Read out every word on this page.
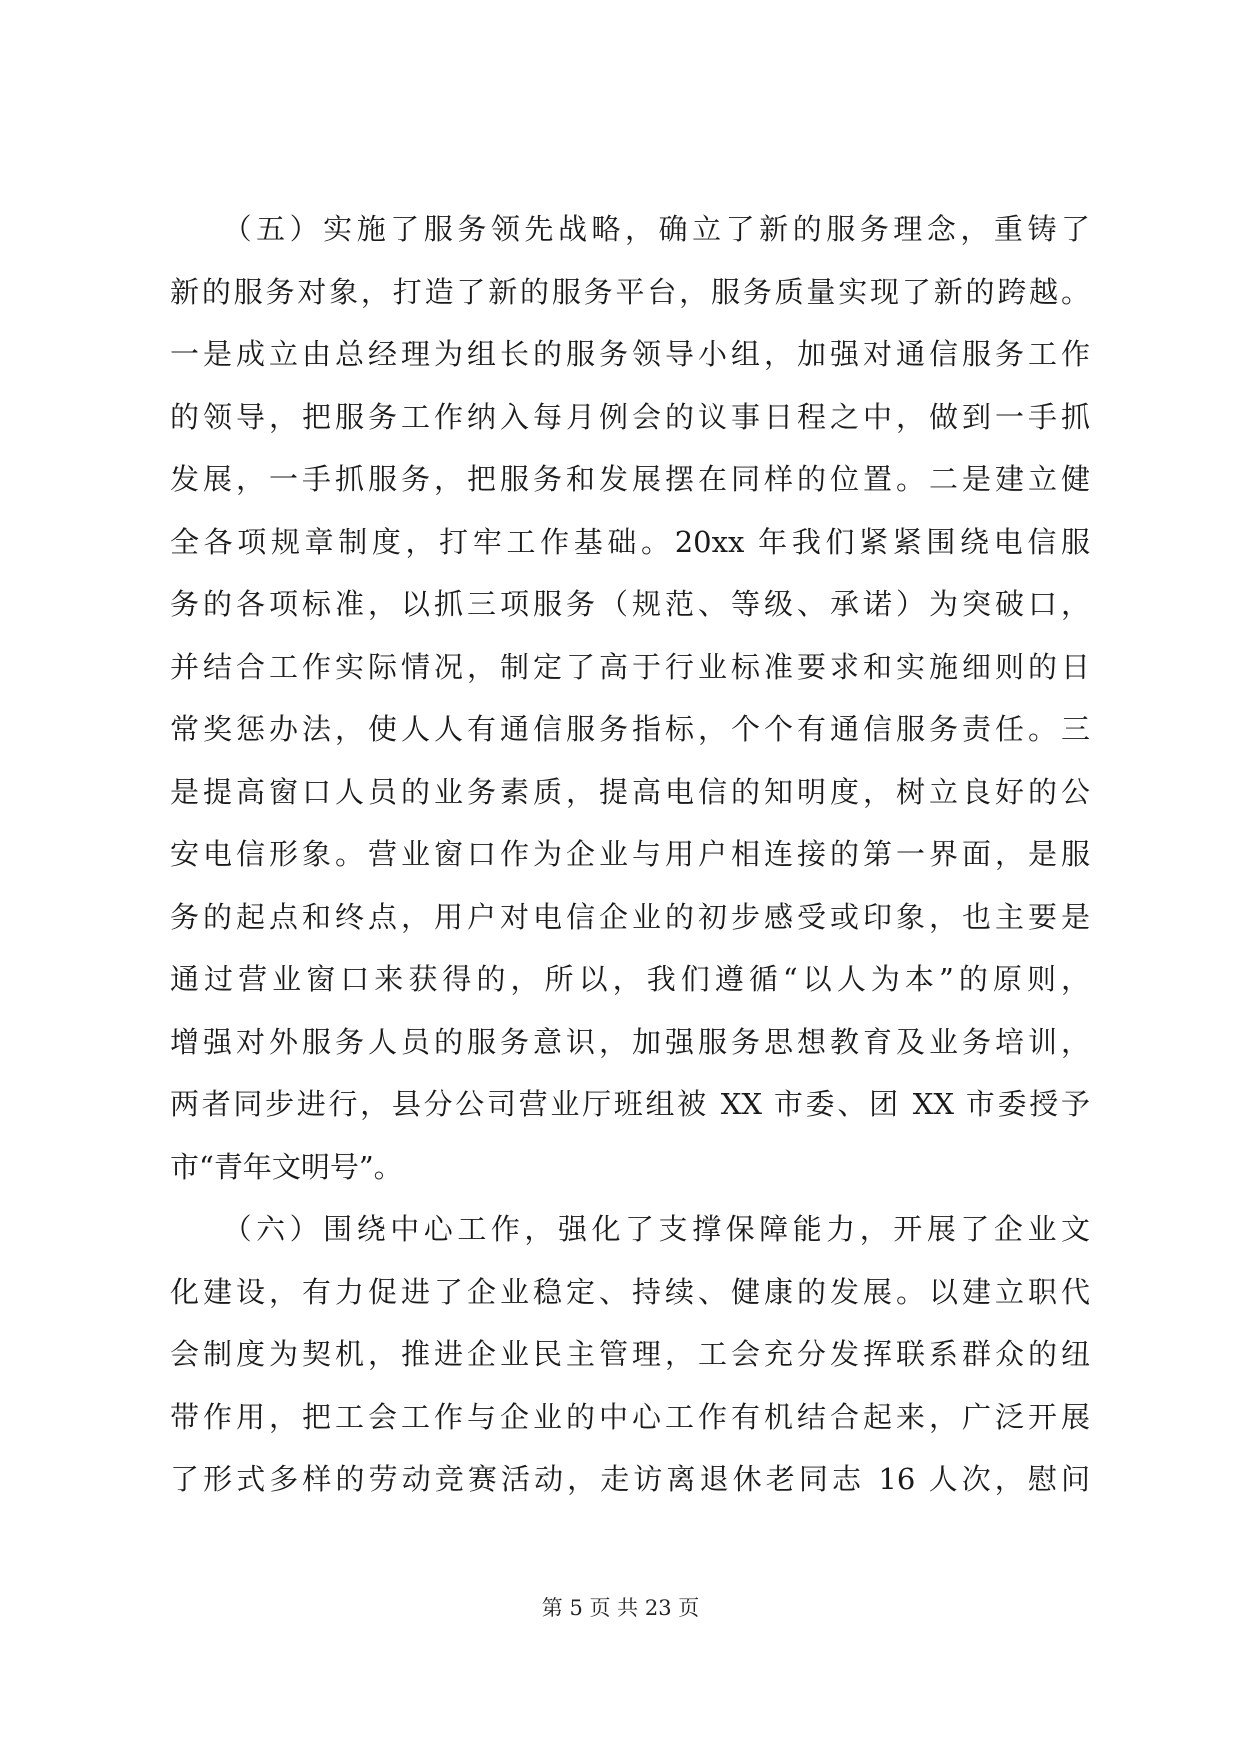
　　（五）实施了服务领先战略，确立了新的服务理念，重铸了
新的服务对象，打造了新的服务平台，服务质量实现了新的跨越。
一是成立由总经理为组长的服务领导小组，加强对通信服务工作
的领导，把服务工作纳入每月例会的议事日程之中，做到一手抓
发展，一手抓服务，把服务和发展摆在同样的位置。二是建立健
全各项规章制度，打牢工作基础。20xx 年我们紧紧围绕电信服
务的各项标准，以抓三项服务（规范、等级、承诺）为突破口，
并结合工作实际情况，制定了高于行业标准要求和实施细则的日
常奖惩办法，使人人有通信服务指标，个个有通信服务责任。三
是提高窗口人员的业务素质，提高电信的知明度，树立良好的公
安电信形象。营业窗口作为企业与用户相连接的第一界面，是服
务的起点和终点，用户对电信企业的初步感受或印象，也主要是
通过营业窗口来获得的，所以，我们遵循“以人为本”的原则，
增强对外服务人员的服务意识，加强服务思想教育及业务培训，
两者同步进行，县分公司营业厅班组被 XX 市委、团 XX 市委授予
市“青年文明号”。
　　（六）围绕中心工作，强化了支撑保障能力，开展了企业文
化建设，有力促进了企业稳定、持续、健康的发展。以建立职代
会制度为契机，推进企业民主管理，工会充分发挥联系群众的纽
带作用，把工会工作与企业的中心工作有机结合起来，广泛开展
了形式多样的劳动竞赛活动，走访离退休老同志 16 人次，慰问
第 5 页 共 23 页
